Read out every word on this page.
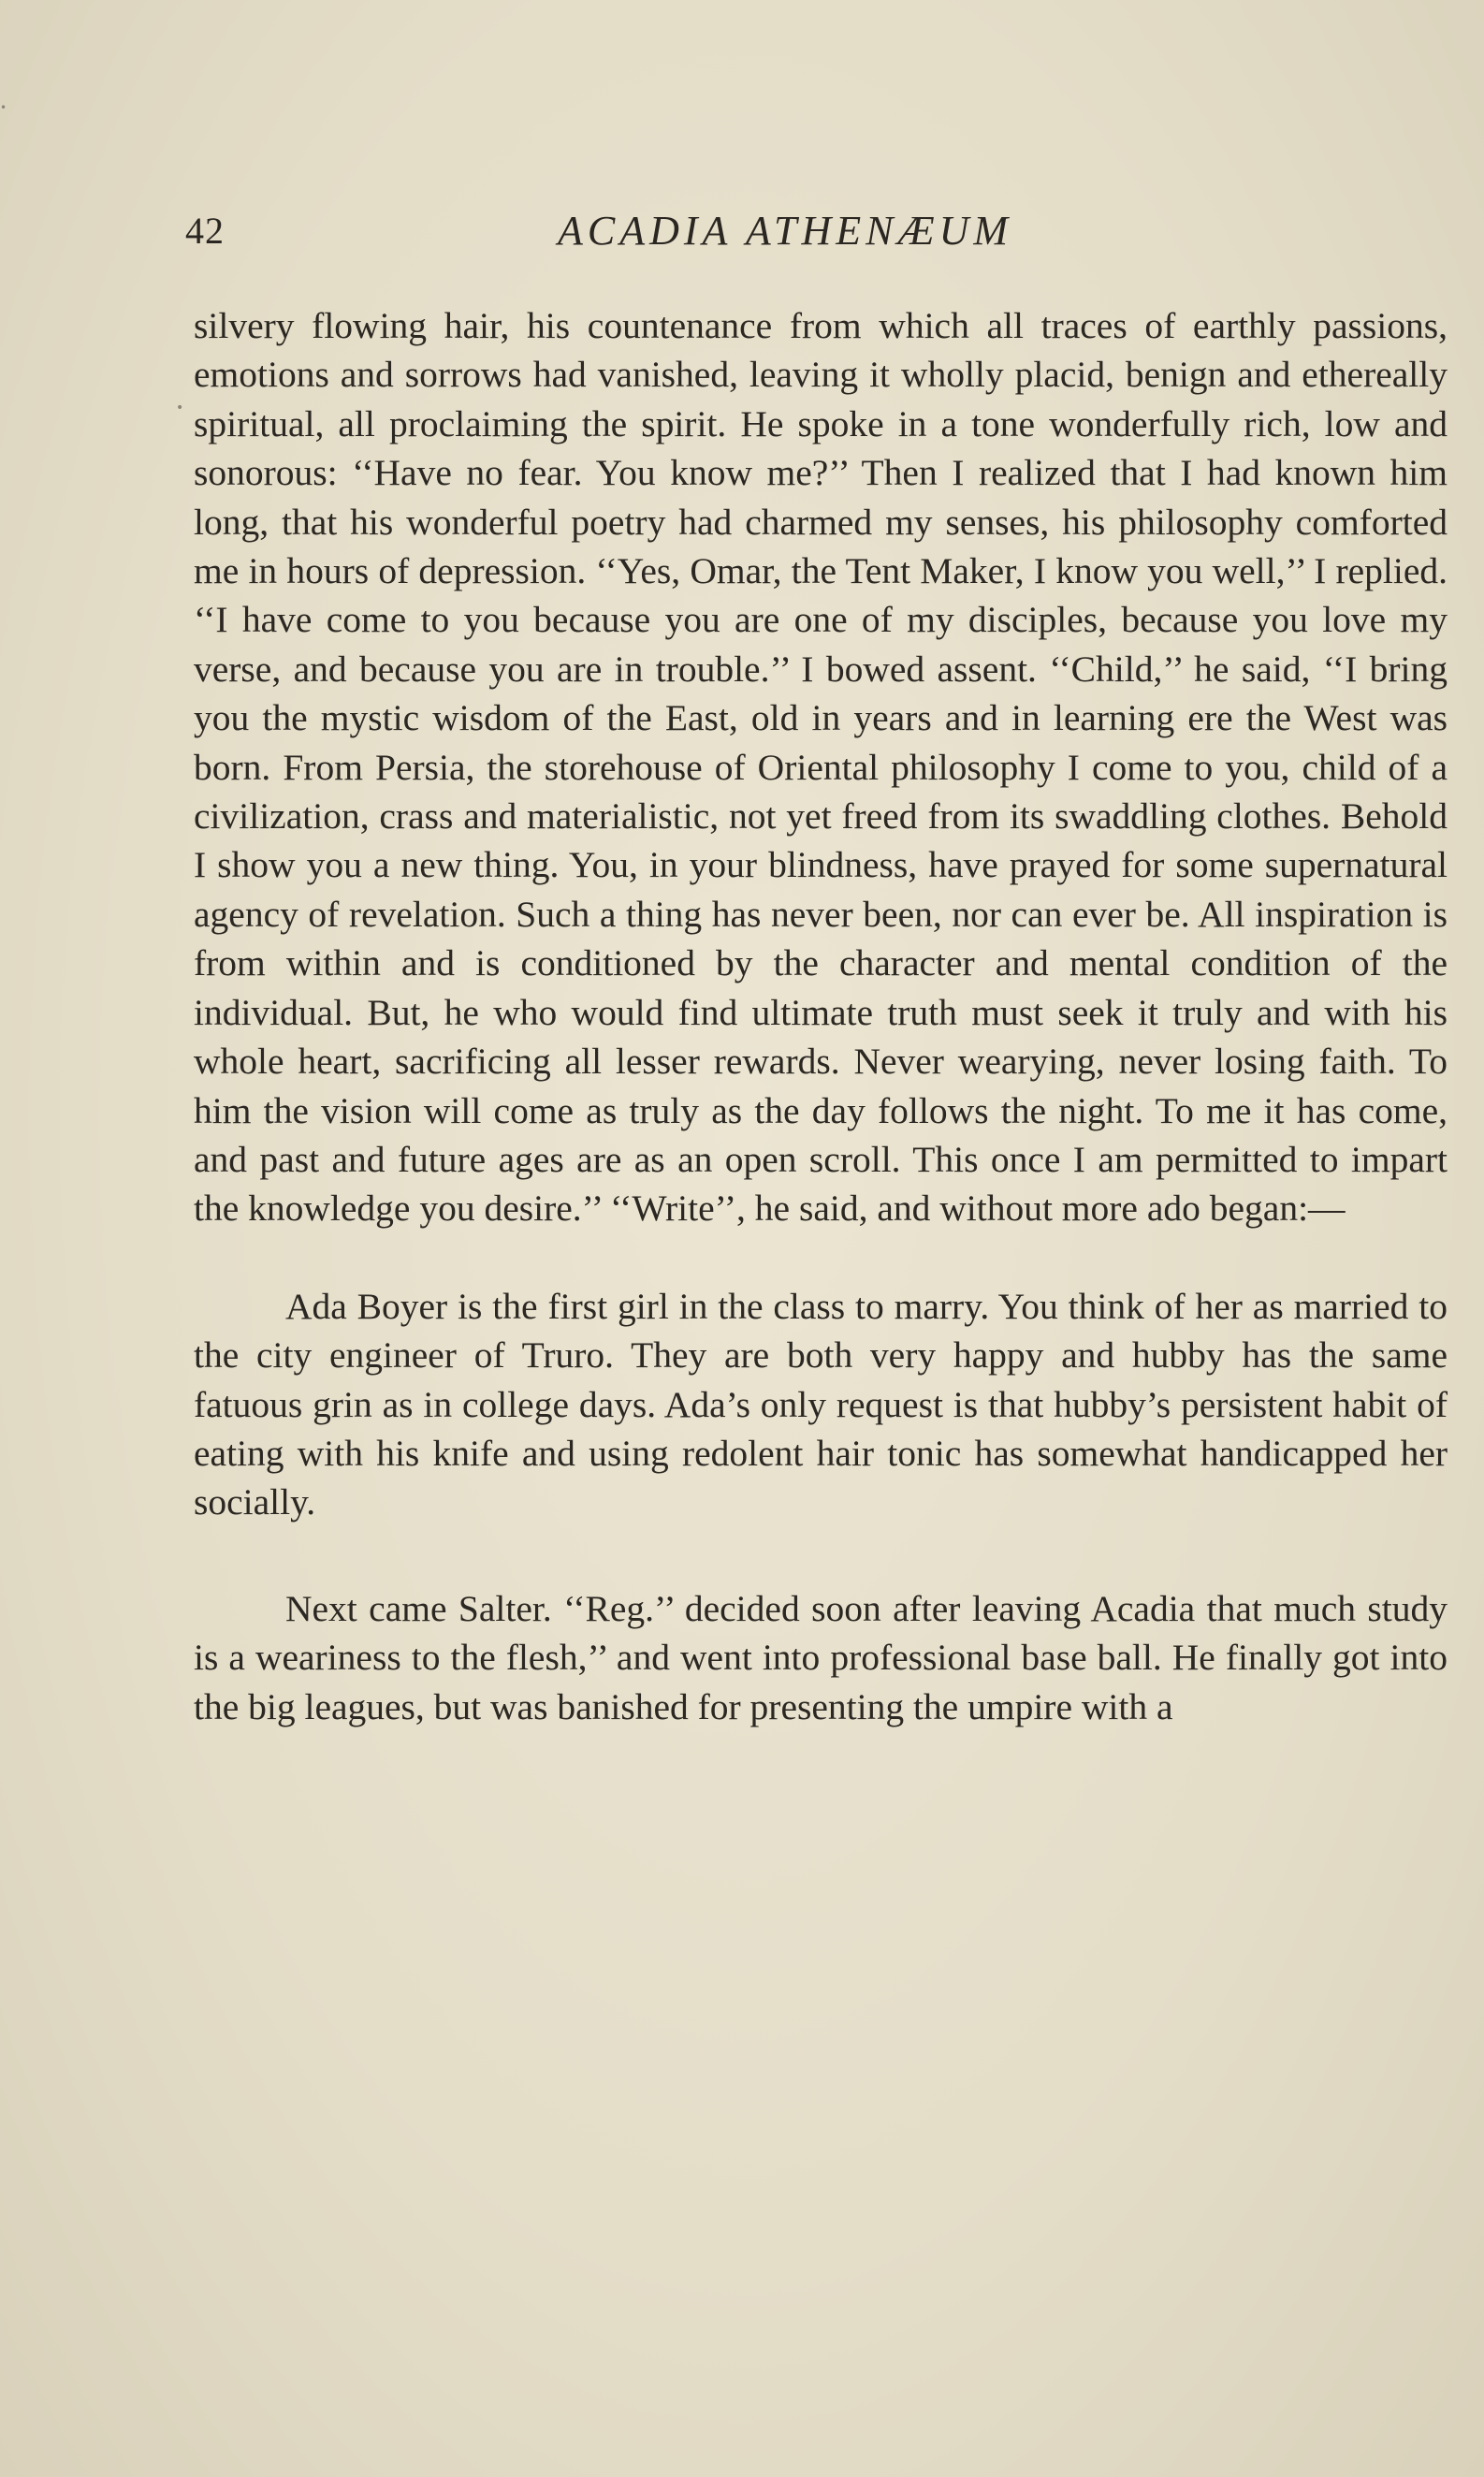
42	ACADIA ATHENÆUM

silvery flowing hair, his countenance from which all traces of earthly passions, emotions and sorrows had vanished, leaving it wholly placid, benign and ethereally spiritual, all proclaiming the spirit. He spoke in a tone wonderfully rich, low and sonorous: ‘‘Have no fear. You know me?’’ Then I realized that I had known him long, that his wonderful poetry had charmed my senses, his philosophy comforted me in hours of depression. ‘‘Yes, Omar, the Tent Maker, I know you well,’’ I replied. ‘‘I have come to you because you are one of my disciples, because you love my verse, and because you are in trouble.’’ I bowed assent. ‘‘Child,’’ he said, ‘‘I bring you the mystic wisdom of the East, old in years and in learning ere the West was born. From Persia, the storehouse of Oriental philosophy I come to you, child of a civilization, crass and materialistic, not yet freed from its swaddling clothes. Behold I show you a new thing. You, in your blindness, have prayed for some supernatural agency of revelation. Such a thing has never been, nor can ever be. All inspiration is from within and is conditioned by the character and mental condition of the individual. But, he who would find ultimate truth must seek it truly and with his whole heart, sacrificing all lesser rewards. Never wearying, never losing faith. To him the vision will come as truly as the day follows the night. To me it has come, and past and future ages are as an open scroll. This once I am permitted to impart the knowledge you desire.’’ ‘‘Write’’, he said, and without more ado began:—

Ada Boyer is the first girl in the class to marry. You think of her as married to the city engineer of Truro. They are both very happy and hubby has the same fatuous grin as in college days. Ada’s only request is that hubby’s persistent habit of eating with his knife and using redolent hair tonic has somewhat handicapped her socially.

Next came Salter. ‘‘Reg.’’ decided soon after leaving Acadia that much study is a weariness to the flesh,’’ and went into professional base ball. He finally got into the big leagues, but was banished for presenting the umpire with a

•
•
